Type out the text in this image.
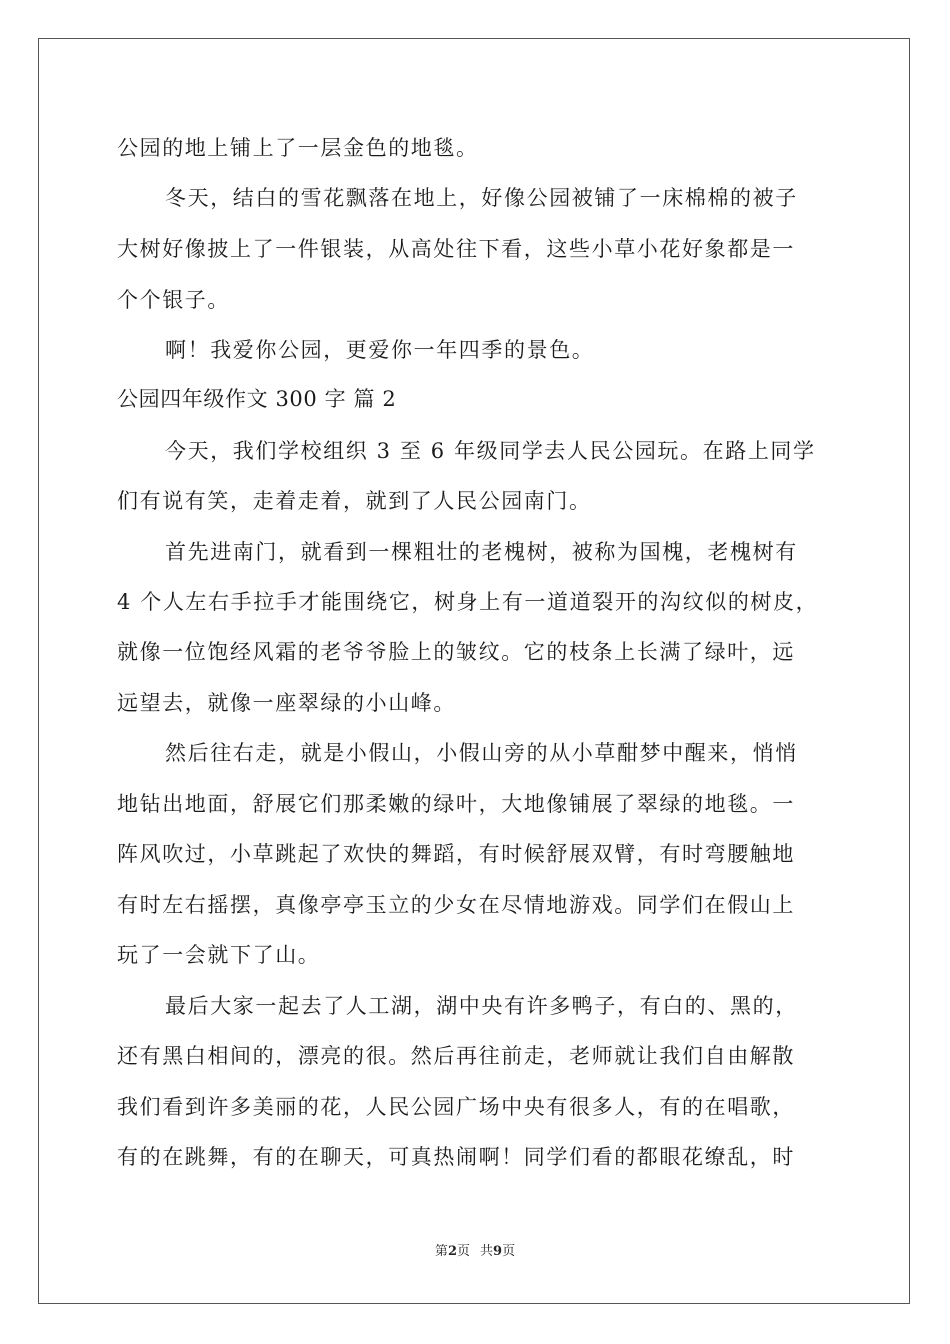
公园的地上铺上了一层金色的地毯。
冬天，结白的雪花飘落在地上，好像公园被铺了一床棉棉的被子
大树好像披上了一件银装，从高处往下看，这些小草小花好象都是一
个个银子。
啊！我爱你公园，更爱你一年四季的景色。
公园四年级作文 300 字 篇 2
今天，我们学校组织 3 至 6 年级同学去人民公园玩。在路上同学
们有说有笑，走着走着，就到了人民公园南门。
首先进南门，就看到一棵粗壮的老槐树，被称为国槐，老槐树有
4 个人左右手拉手才能围绕它，树身上有一道道裂开的沟纹似的树皮，
就像一位饱经风霜的老爷爷脸上的皱纹。它的枝条上长满了绿叶，远
远望去，就像一座翠绿的小山峰。
然后往右走，就是小假山，小假山旁的从小草酣梦中醒来，悄悄
地钻出地面，舒展它们那柔嫩的绿叶，大地像铺展了翠绿的地毯。一
阵风吹过，小草跳起了欢快的舞蹈，有时候舒展双臂，有时弯腰触地
有时左右摇摆，真像亭亭玉立的少女在尽情地游戏。同学们在假山上
玩了一会就下了山。
最后大家一起去了人工湖，湖中央有许多鸭子，有白的、黑的，
还有黑白相间的，漂亮的很。然后再往前走，老师就让我们自由解散
我们看到许多美丽的花，人民公园广场中央有很多人，有的在唱歌，
有的在跳舞，有的在聊天，可真热闹啊！同学们看的都眼花缭乱，时
第2页 共9页
